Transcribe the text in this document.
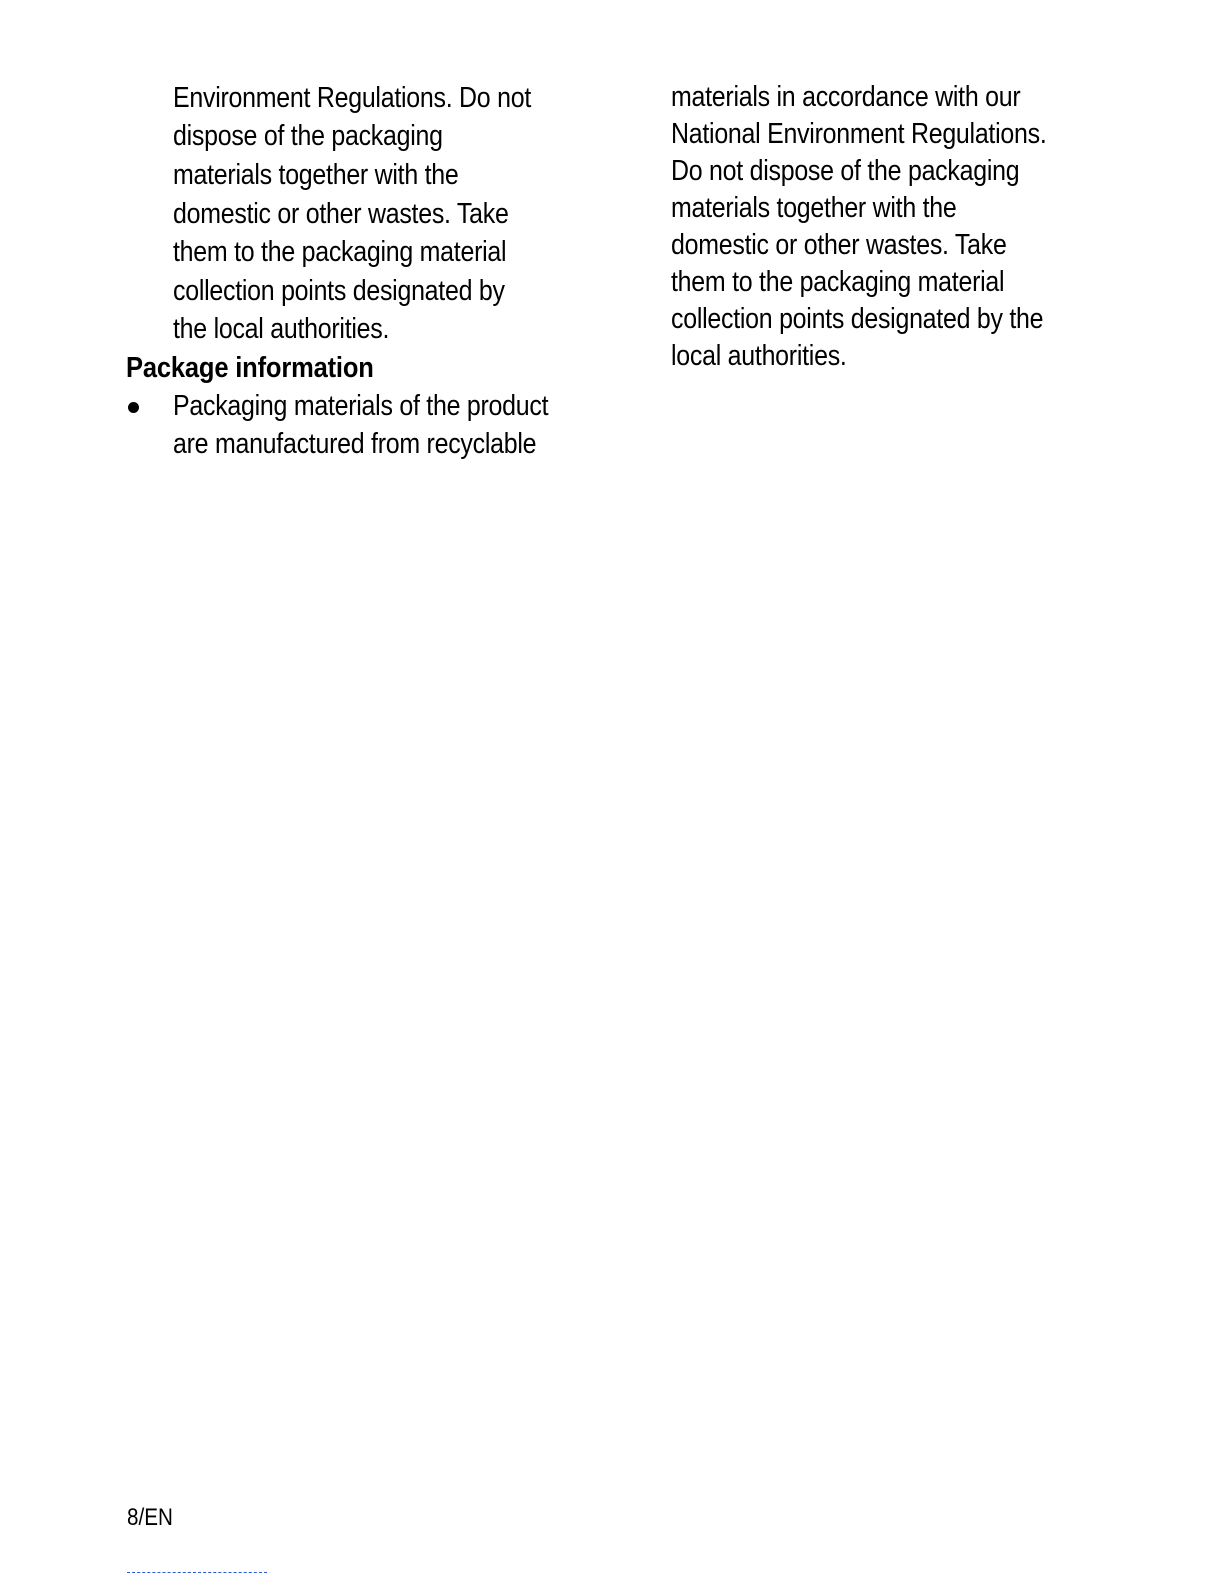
Environment Regulations. Do not
dispose of the packaging
materials together with the
domestic or other wastes. Take
them to the packaging material
collection points designated by
the local authorities.
Package information
Packaging materials of the product
are manufactured from recyclable
materials in accordance with our
National Environment Regulations.
Do not dispose of the packaging
materials together with the
domestic or other wastes. Take
them to the packaging material
collection points designated by the
local authorities.
8/EN
